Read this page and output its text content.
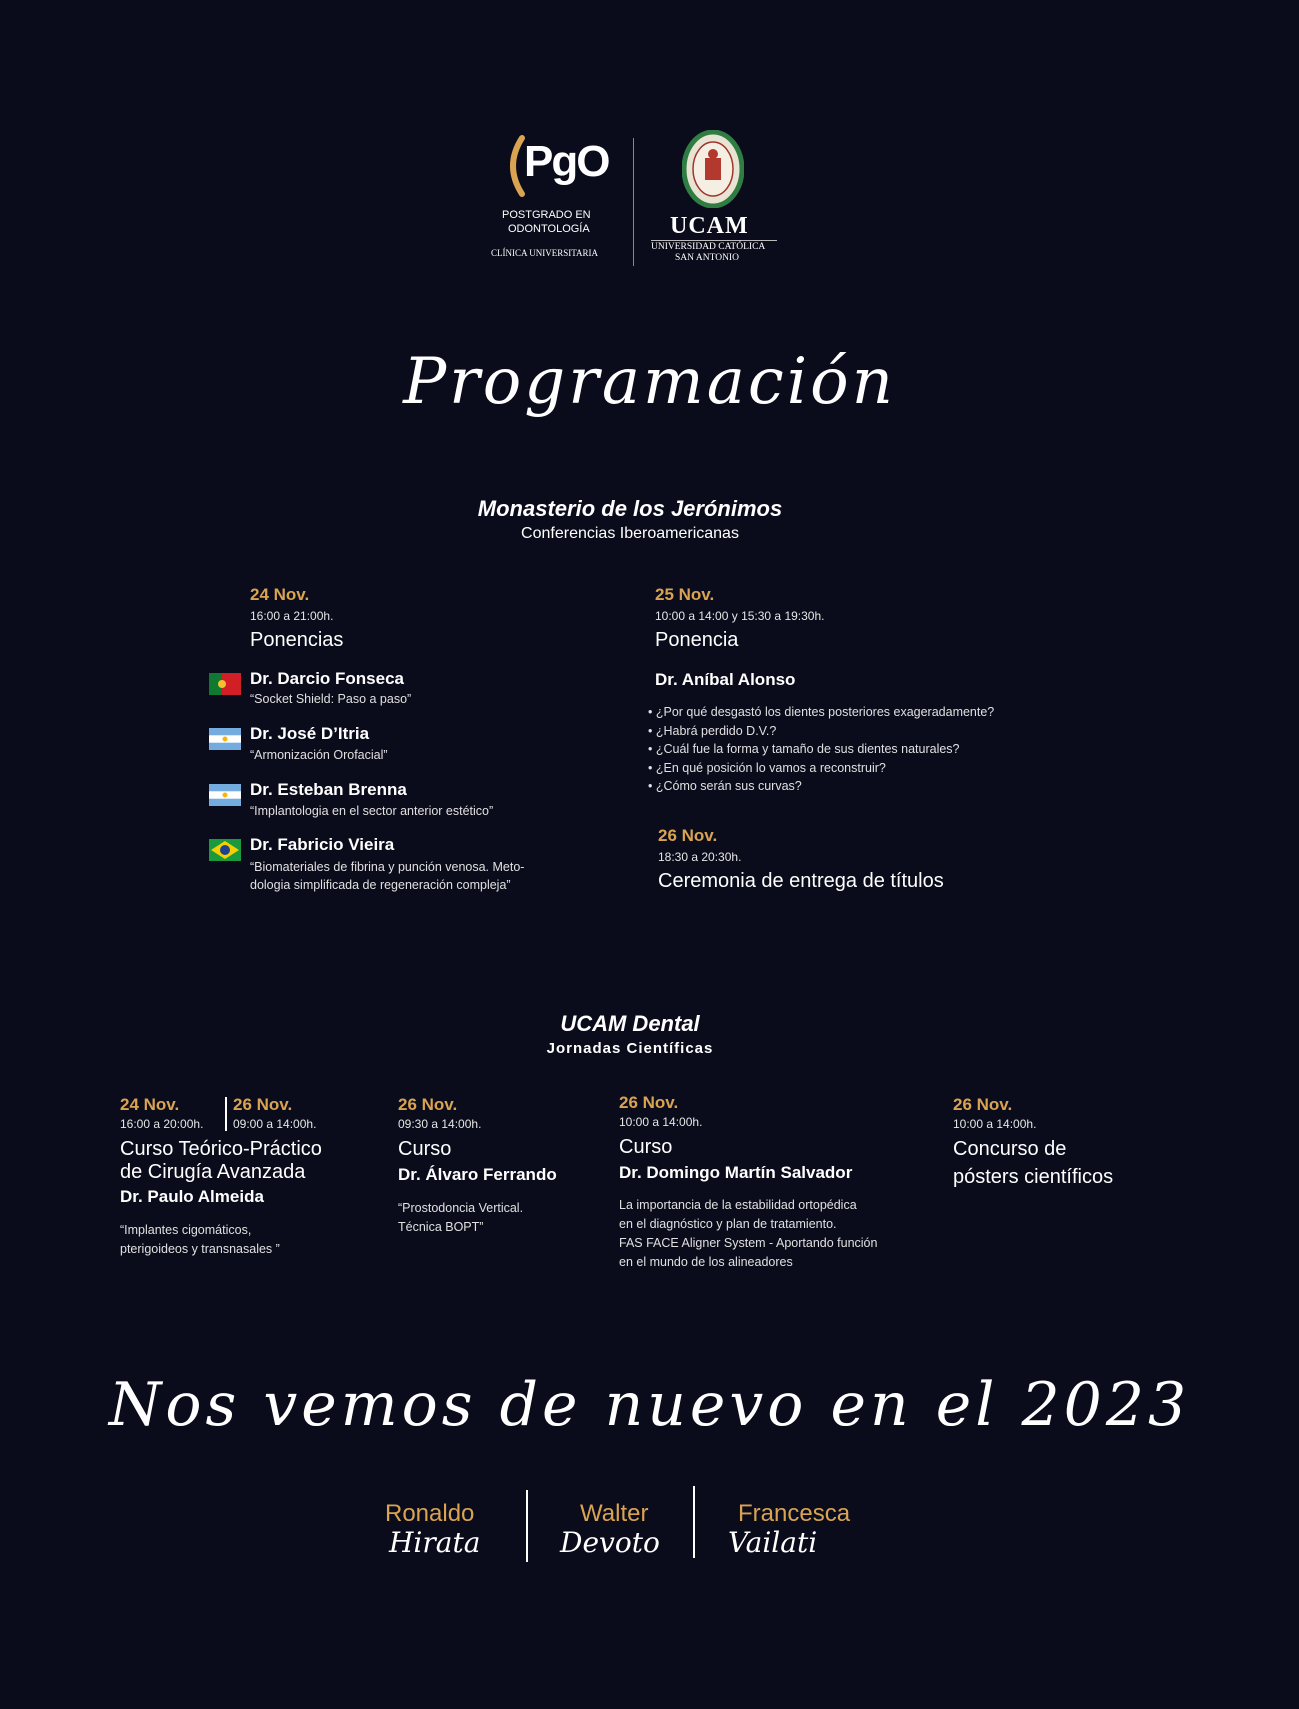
PgO
POSTGRADO EN
ODONTOLOGÍA
CLÍNICA UNIVERSITARIA
UCAM
UNIVERSIDAD CATÓLICA
SAN ANTONIO
Programación
Monasterio de los Jerónimos
Conferencias Iberoamericanas
24 Nov.
16:00 a 21:00h.
Ponencias
Dr. Darcio Fonseca
“Socket Shield: Paso a paso”
Dr. José D’Itria
“Armonización Orofacial”
Dr. Esteban Brenna
“Implantologia en el sector anterior estético”
Dr. Fabricio Vieira
“Biomateriales de fibrina y punción venosa. Meto-
dologia simplificada de regeneración compleja”
25 Nov.
10:00 a 14:00 y 15:30 a 19:30h.
Ponencia
Dr. Aníbal Alonso
• ¿Por qué desgastó los dientes posteriores exageradamente?
• ¿Habrá perdido D.V.?
• ¿Cuál fue la forma y tamaño de sus dientes naturales?
• ¿En qué posición lo vamos a reconstruir?
• ¿Cómo serán sus curvas?
26 Nov.
18:30 a 20:30h.
Ceremonia de entrega de títulos
UCAM Dental
Jornadas Científicas
24 Nov.
16:00 a 20:00h.
26 Nov.
09:00 a 14:00h.
Curso Teórico-Práctico
de Cirugía Avanzada
Dr. Paulo Almeida
“Implantes cigomáticos,
pterigoideos y transnasales ”
26 Nov.
09:30 a 14:00h.
Curso
Dr. Álvaro Ferrando
“Prostodoncia Vertical.
Técnica BOPT”
26 Nov.
10:00 a 14:00h.
Curso
Dr. Domingo Martín Salvador
La importancia de la estabilidad ortopédica
en el diagnóstico y plan de tratamiento.
FAS FACE Aligner System - Aportando función
en el mundo de los alineadores
26 Nov.
10:00 a 14:00h.
Concurso de
pósters científicos
Nos vemos de nuevo en el 2023
Ronaldo
Hirata
Walter
Devoto
Francesca
Vailati
